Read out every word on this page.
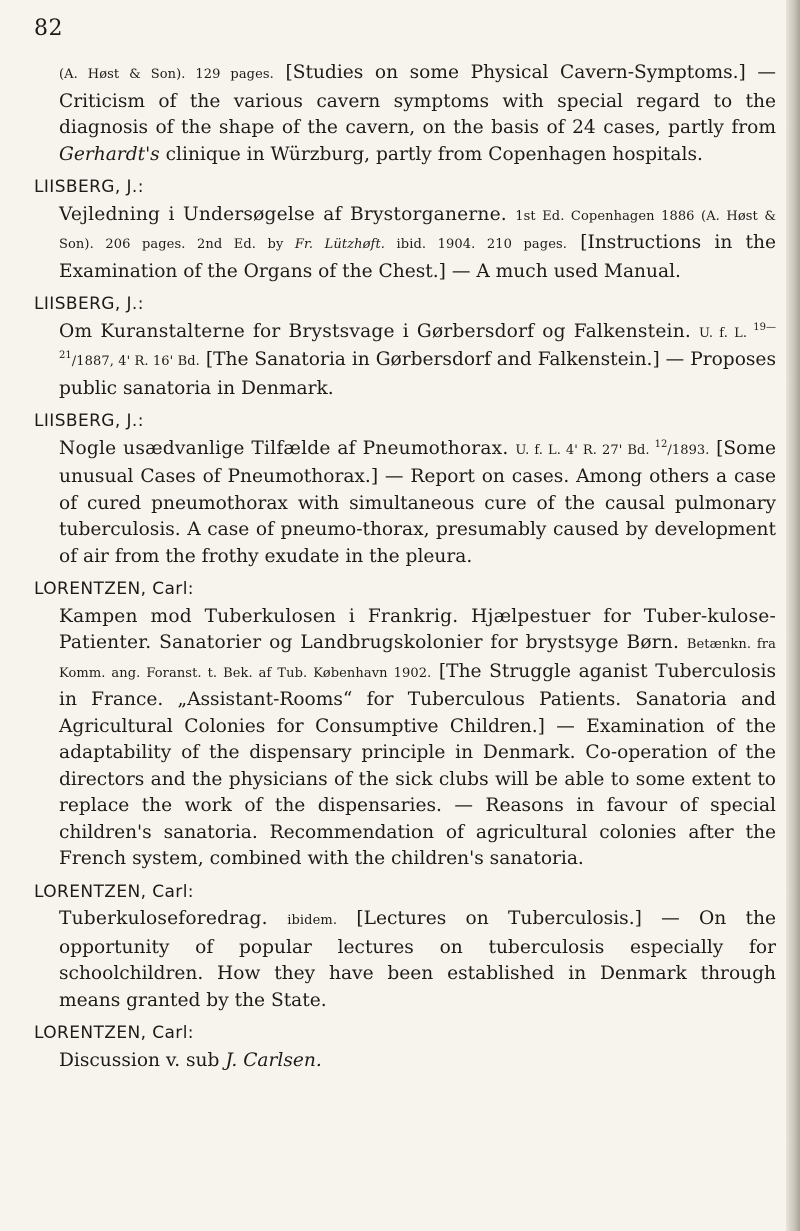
82
(A. Høst & Son). 129 pages. [Studies on some Physical Cavern-Symptoms.] — Criticism of the various cavern symptoms with special regard to the diagnosis of the shape of the cavern, on the basis of 24 cases, partly from Gerhardt's clinique in Würzburg, partly from Copenhagen hospitals.
LIISBERG, J.:
Vejledning i Undersøgelse af Brystorganerne. 1st Ed. Copenhagen 1886 (A. Høst & Son). 206 pages. 2nd Ed. by Fr. Lützhøft. ibid. 1904. 210 pages. [Instructions in the Examination of the Organs of the Chest.] — A much used Manual.
LIISBERG, J.:
Om Kuranstalterne for Brystsvage i Gørbersdorf og Falkenstein. U. f. L. $^{19—21}$/1887, 4' R. 16' Bd. [The Sanatoria in Gørbersdorf and Falkenstein.] — Proposes public sanatoria in Denmark.
LIISBERG, J.:
Nogle usædvanlige Tilfælde af Pneumothorax. U. f. L. 4' R. 27' Bd. $^{12}$/1893. [Some unusual Cases of Pneumothorax.] — Report on cases. Among others a case of cured pneumothorax with simultaneous cure of the causal pulmonary tuberculosis. A case of pneumo-thorax, presumably caused by development of air from the frothy exudate in the pleura.
LORENTZEN, Carl:
Kampen mod Tuberkulosen i Frankrig. Hjælpestuer for Tuber-kulose-Patienter. Sanatorier og Landbrugskolonier for brystsyge Børn. Betænkn. fra Komm. ang. Foranst. t. Bek. af Tub. København 1902. [The Struggle aganist Tuberculosis in France. „Assistant-Rooms“ for Tuberculous Patients. Sanatoria and Agricultural Colonies for Consumptive Children.] — Examination of the adaptability of the dispensary principle in Denmark. Co-operation of the directors and the physicians of the sick clubs will be able to some extent to replace the work of the dispensaries. — Reasons in favour of special children's sanatoria. Recommendation of agricultural colonies after the French system, combined with the children's sanatoria.
LORENTZEN, Carl:
Tuberkuloseforedrag. ibidem. [Lectures on Tuberculosis.] — On the opportunity of popular lectures on tuberculosis especially for schoolchildren. How they have been established in Denmark through means granted by the State.
LORENTZEN, Carl:
Discussion v. sub J. Carlsen.
